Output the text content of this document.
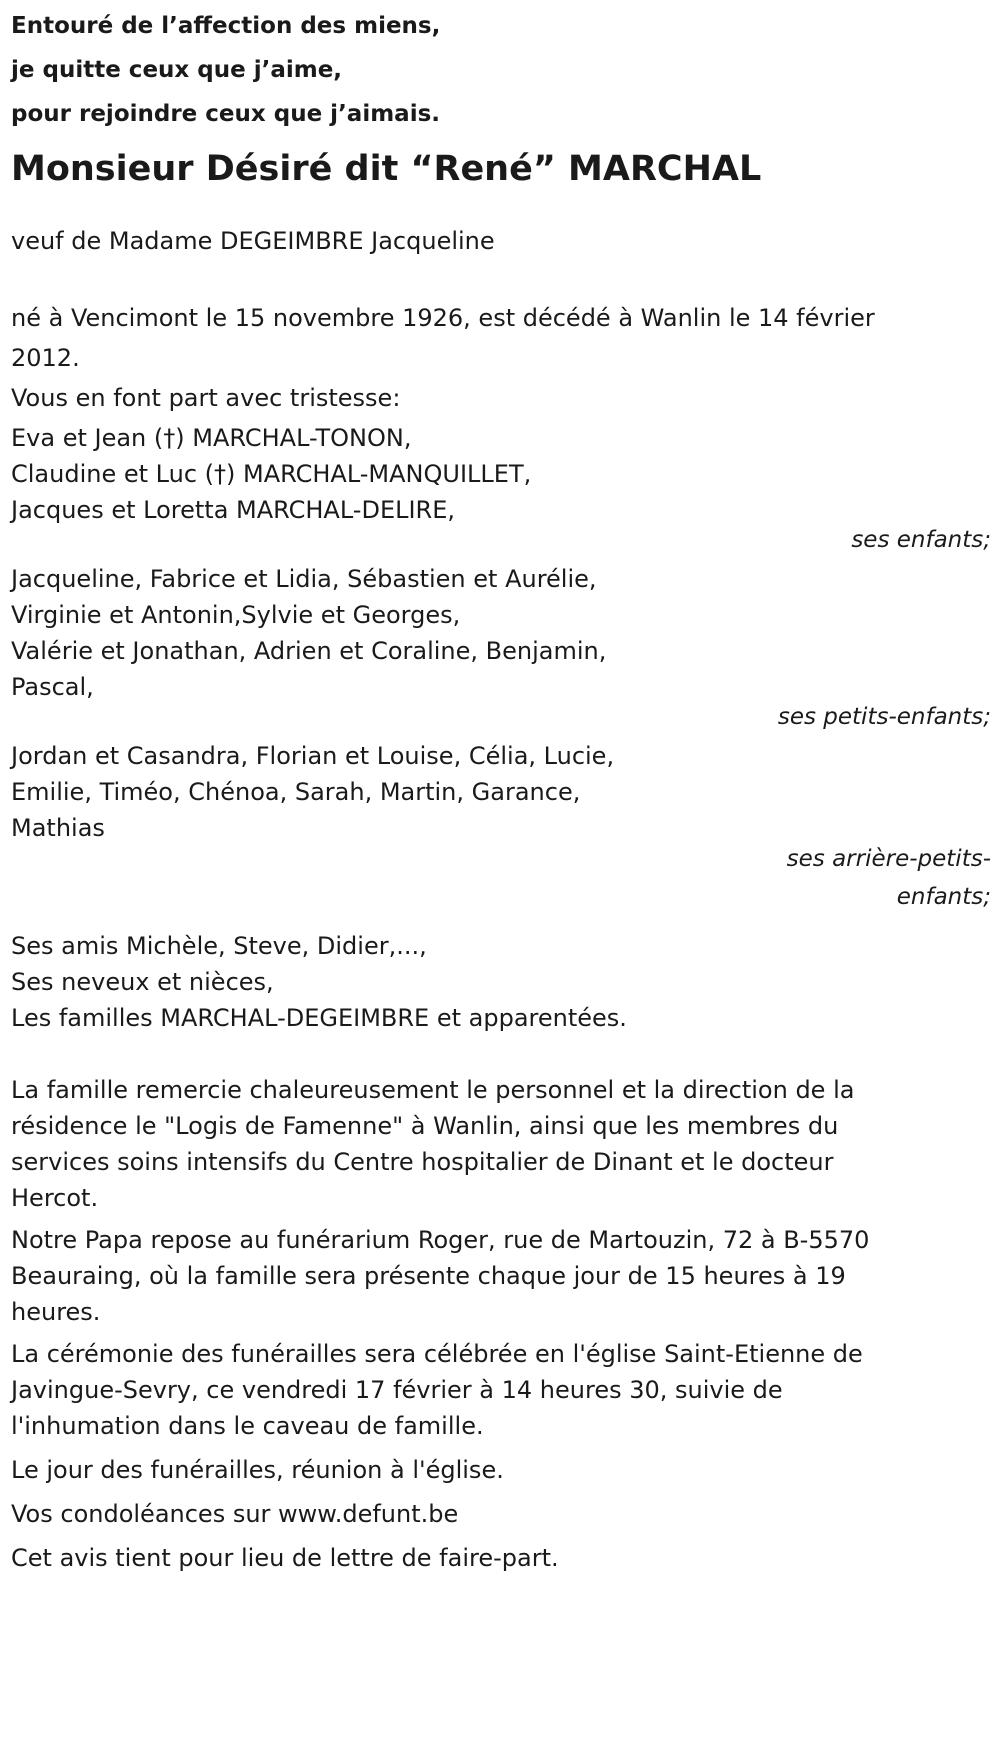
Entouré de l’affection des miens,
je quitte ceux que j’aime,
pour rejoindre ceux que j’aimais.
Monsieur Désiré dit “René” MARCHAL
veuf de Madame DEGEIMBRE Jacqueline
né à Vencimont le 15 novembre 1926, est décédé à Wanlin le 14 février 2012.
Vous en font part avec tristesse:
Eva et Jean (†) MARCHAL-TONON,
Claudine et Luc (†) MARCHAL-MANQUILLET,
Jacques et Loretta MARCHAL-DELIRE,
ses enfants;
Jacqueline, Fabrice et Lidia, Sébastien et Aurélie,
Virginie et Antonin,Sylvie et Georges,
Valérie et Jonathan, Adrien et Coraline, Benjamin,
Pascal,
ses petits-enfants;
Jordan et Casandra, Florian et Louise, Célia, Lucie,
Emilie, Timéo, Chénoa, Sarah, Martin, Garance,
Mathias
ses arrière-petits-enfants;
Ses amis Michèle, Steve, Didier,...,
Ses neveux et nièces,
Les familles MARCHAL-DEGEIMBRE et apparentées.
La famille remercie chaleureusement le personnel et la direction de la résidence le "Logis de Famenne" à Wanlin, ainsi que les membres du services soins intensifs du Centre hospitalier de Dinant et le docteur Hercot.
Notre Papa repose au funérarium Roger, rue de Martouzin, 72 à B-5570 Beauraing, où la famille sera présente chaque jour de 15 heures à 19 heures.
La cérémonie des funérailles sera célébrée en l'église Saint-Etienne de Javingue-Sevry, ce vendredi 17 février à 14 heures 30, suivie de l'inhumation dans le caveau de famille.
Le jour des funérailles, réunion à l'église.
Vos condoléances sur www.defunt.be
Cet avis tient pour lieu de lettre de faire-part.
